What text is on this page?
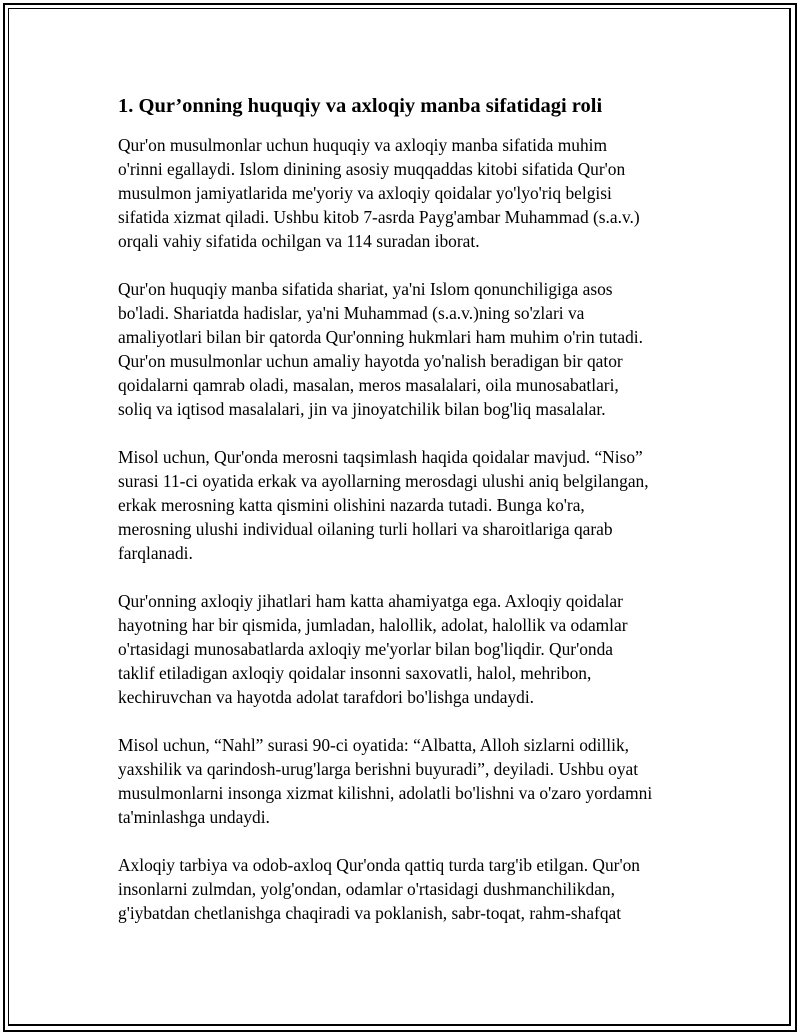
1. Qur’onning huquqiy va axloqiy manba sifatidagi roli

Qur'on musulmonlar uchun huquqiy va axloqiy manba sifatida muhim
o'rinni egallaydi. Islom dinining asosiy muqqaddas kitobi sifatida Qur'on
musulmon jamiyatlarida me'yoriy va axloqiy qoidalar yo'lyo'riq belgisi
sifatida xizmat qiladi. Ushbu kitob 7-asrda Payg'ambar Muhammad (s.a.v.)
orqali vahiy sifatida ochilgan va 114 suradan iborat.

Qur'on huquqiy manba sifatida shariat, ya'ni Islom qonunchiligiga asos
bo'ladi. Shariatda hadislar, ya'ni Muhammad (s.a.v.)ning so'zlari va
amaliyotlari bilan bir qatorda Qur'onning hukmlari ham muhim o'rin tutadi.
Qur'on musulmonlar uchun amaliy hayotda yo'nalish beradigan bir qator
qoidalarni qamrab oladi, masalan, meros masalalari, oila munosabatlari,
soliq va iqtisod masalalari, jin va jinoyatchilik bilan bog'liq masalalar.

Misol uchun, Qur'onda merosni taqsimlash haqida qoidalar mavjud. “Niso”
surasi 11-ci oyatida erkak va ayollarning merosdagi ulushi aniq belgilangan,
erkak merosning katta qismini olishini nazarda tutadi. Bunga ko'ra,
merosning ulushi individual oilaning turli hollari va sharoitlariga qarab
farqlanadi.

Qur'onning axloqiy jihatlari ham katta ahamiyatga ega. Axloqiy qoidalar
hayotning har bir qismida, jumladan, halollik, adolat, halollik va odamlar
o'rtasidagi munosabatlarda axloqiy me'yorlar bilan bog'liqdir. Qur'onda
taklif etiladigan axloqiy qoidalar insonni saxovatli, halol, mehribon,
kechiruvchan va hayotda adolat tarafdori bo'lishga undaydi.

Misol uchun, “Nahl” surasi 90-ci oyatida: “Albatta, Alloh sizlarni odillik,
yaxshilik va qarindosh-urug'larga berishni buyuradi”, deyiladi. Ushbu oyat
musulmonlarni insonga xizmat kilishni, adolatli bo'lishni va o'zaro yordamni
ta'minlashga undaydi.

Axloqiy tarbiya va odob-axloq Qur'onda qattiq turda targ'ib etilgan. Qur'on
insonlarni zulmdan, yolg'ondan, odamlar o'rtasidagi dushmanchilikdan,
g'iybatdan chetlanishga chaqiradi va poklanish, sabr-toqat, rahm-shafqat
